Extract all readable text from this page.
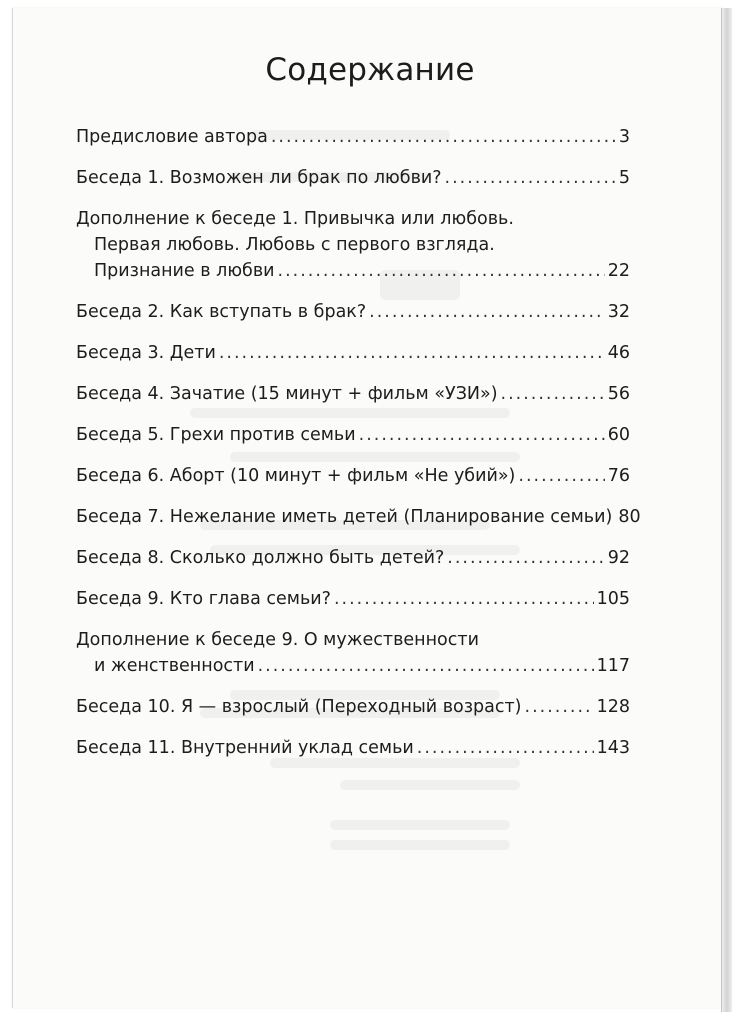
Содержание
Предисловие автора .....	3
Беседа 1. Возможен ли брак по любви? .....	5
Дополнение к беседе 1. Привычка или любовь.
Первая любовь. Любовь с первого взгляда.
Признание в любви .....	22
Беседа 2. Как вступать в брак? .....	32
Беседа 3. Дети .....	46
Беседа 4. Зачатие (15 минут + фильм «УЗИ») .....	56
Беседа 5. Грехи против семьи .....	60
Беседа 6. Аборт (10 минут + фильм «Не убий») .....	76
Беседа 7. Нежелание иметь детей (Планирование семьи) 80
Беседа 8. Сколько должно быть детей? .....	92
Беседа 9. Кто глава семьи? .....	105
Дополнение к беседе 9. О мужественности
и женственности .....	117
Беседа 10. Я — взрослый (Переходный возраст) .....	128
Беседа 11. Внутренний уклад семьи .....	143
